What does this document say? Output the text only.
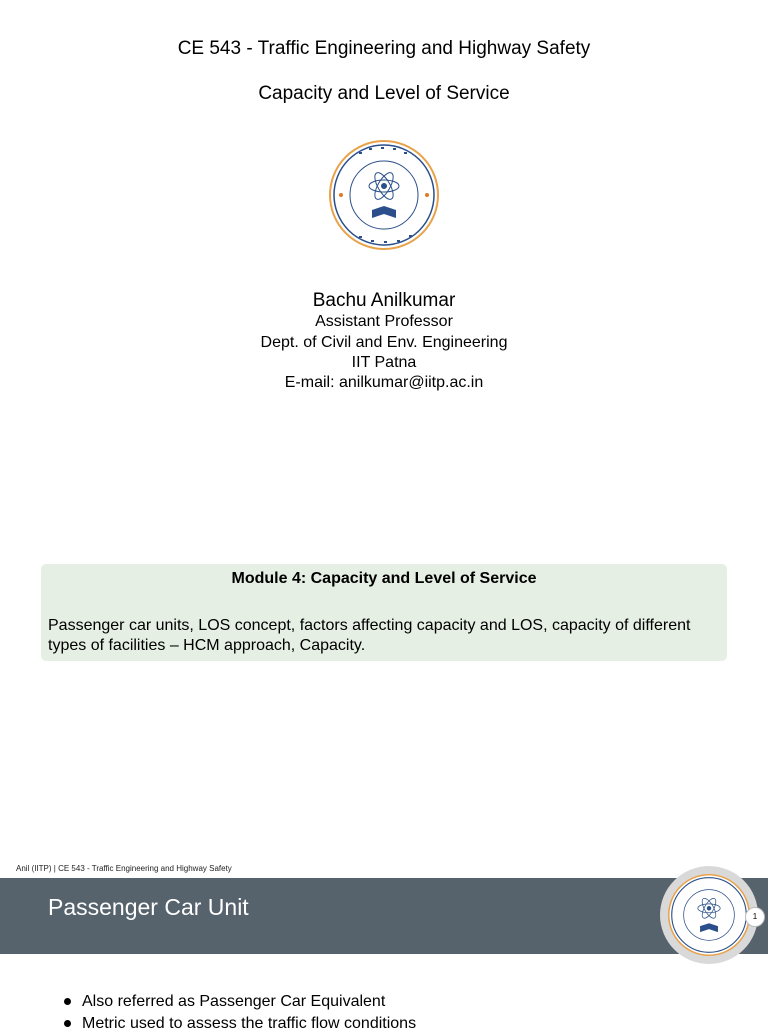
CE 543 - Traffic Engineering and Highway Safety
Capacity and Level of Service
Bachu Anilkumar
Assistant Professor
Dept. of Civil and Env. Engineering
IIT Patna
E-mail: anilkumar@iitp.ac.in
Module 4: Capacity and Level of Service
Passenger car units, LOS concept, factors affecting capacity and LOS, capacity of different types of facilities – HCM approach, Capacity.
Anil (IITP) | CE 543 - Traffic Engineering and Highway Safety
Passenger Car Unit	1
Also referred as Passenger Car Equivalent
Metric used to assess the traffic flow conditions
